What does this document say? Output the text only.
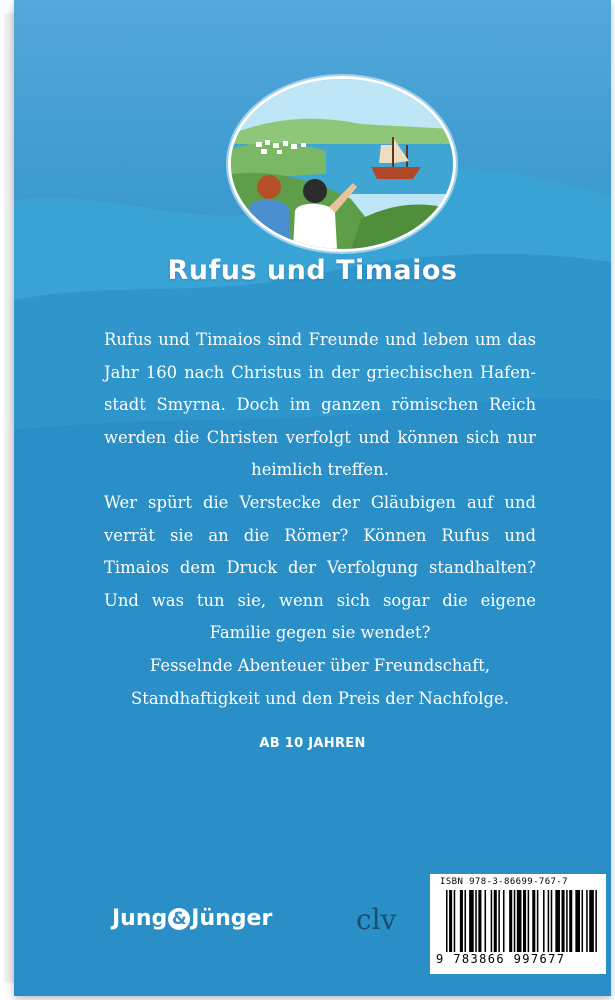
Rufus und Timaios

Rufus und Timaios sind Freunde und leben um das Jahr 160 nach Christus in der griechischen Hafen-stadt Smyrna. Doch im ganzen römischen Reich werden die Christen verfolgt und können sich nur heimlich treffen.

Wer spürt die Verstecke der Gläubigen auf und verrät sie an die Römer? Können Rufus und Timaios dem Druck der Verfolgung standhalten? Und was tun sie, wenn sich sogar die eigene Familie gegen sie wendet?

Fesselnde Abenteuer über Freundschaft, Standhaftigkeit und den Preis der Nachfolge.

AB 10 JAHREN
Jung & Jünger	clv
ISBN 978-3-86699-767-7
9 783866 997677
